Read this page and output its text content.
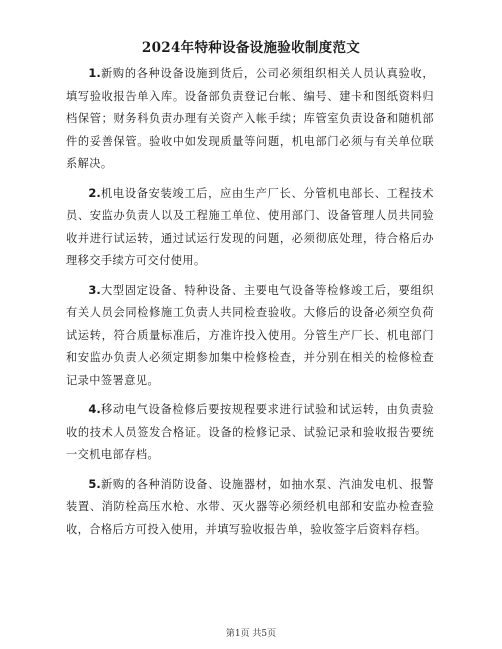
2024年特种设备设施验收制度范文

1.新购的各种设备设施到货后，公司必须组织相关人员认真验收，填写验收报告单入库。设备部负责登记台帐、编号、建卡和图纸资料归档保管；财务科负责办理有关资产入帐手续；库管室负责设备和随机部件的妥善保管。验收中如发现质量等问题，机电部门必须与有关单位联系解决。

2.机电设备安装竣工后，应由生产厂长、分管机电部长、工程技术员、安监办负责人以及工程施工单位、使用部门、设备管理人员共同验收并进行试运转，通过试运行发现的问题，必须彻底处理，待合格后办理移交手续方可交付使用。

3.大型固定设备、特种设备、主要电气设备等检修竣工后，要组织有关人员会同检修施工负责人共同检查验收。大修后的设备必须空负荷试运转，符合质量标准后，方准许投入使用。分管生产厂长、机电部门和安监办负责人必须定期参加集中检修检查，并分别在相关的检修检查记录中签署意见。

4.移动电气设备检修后要按规程要求进行试验和试运转，由负责验收的技术人员签发合格证。设备的检修记录、试验记录和验收报告要统一交机电部存档。

5.新购的各种消防设备、设施器材，如抽水泵、汽油发电机、报警装置、消防栓高压水枪、水带、灭火器等必须经机电部和安监办检查验收，合格后方可投入使用，并填写验收报告单，验收签字后资料存档。

第1页 共5页
